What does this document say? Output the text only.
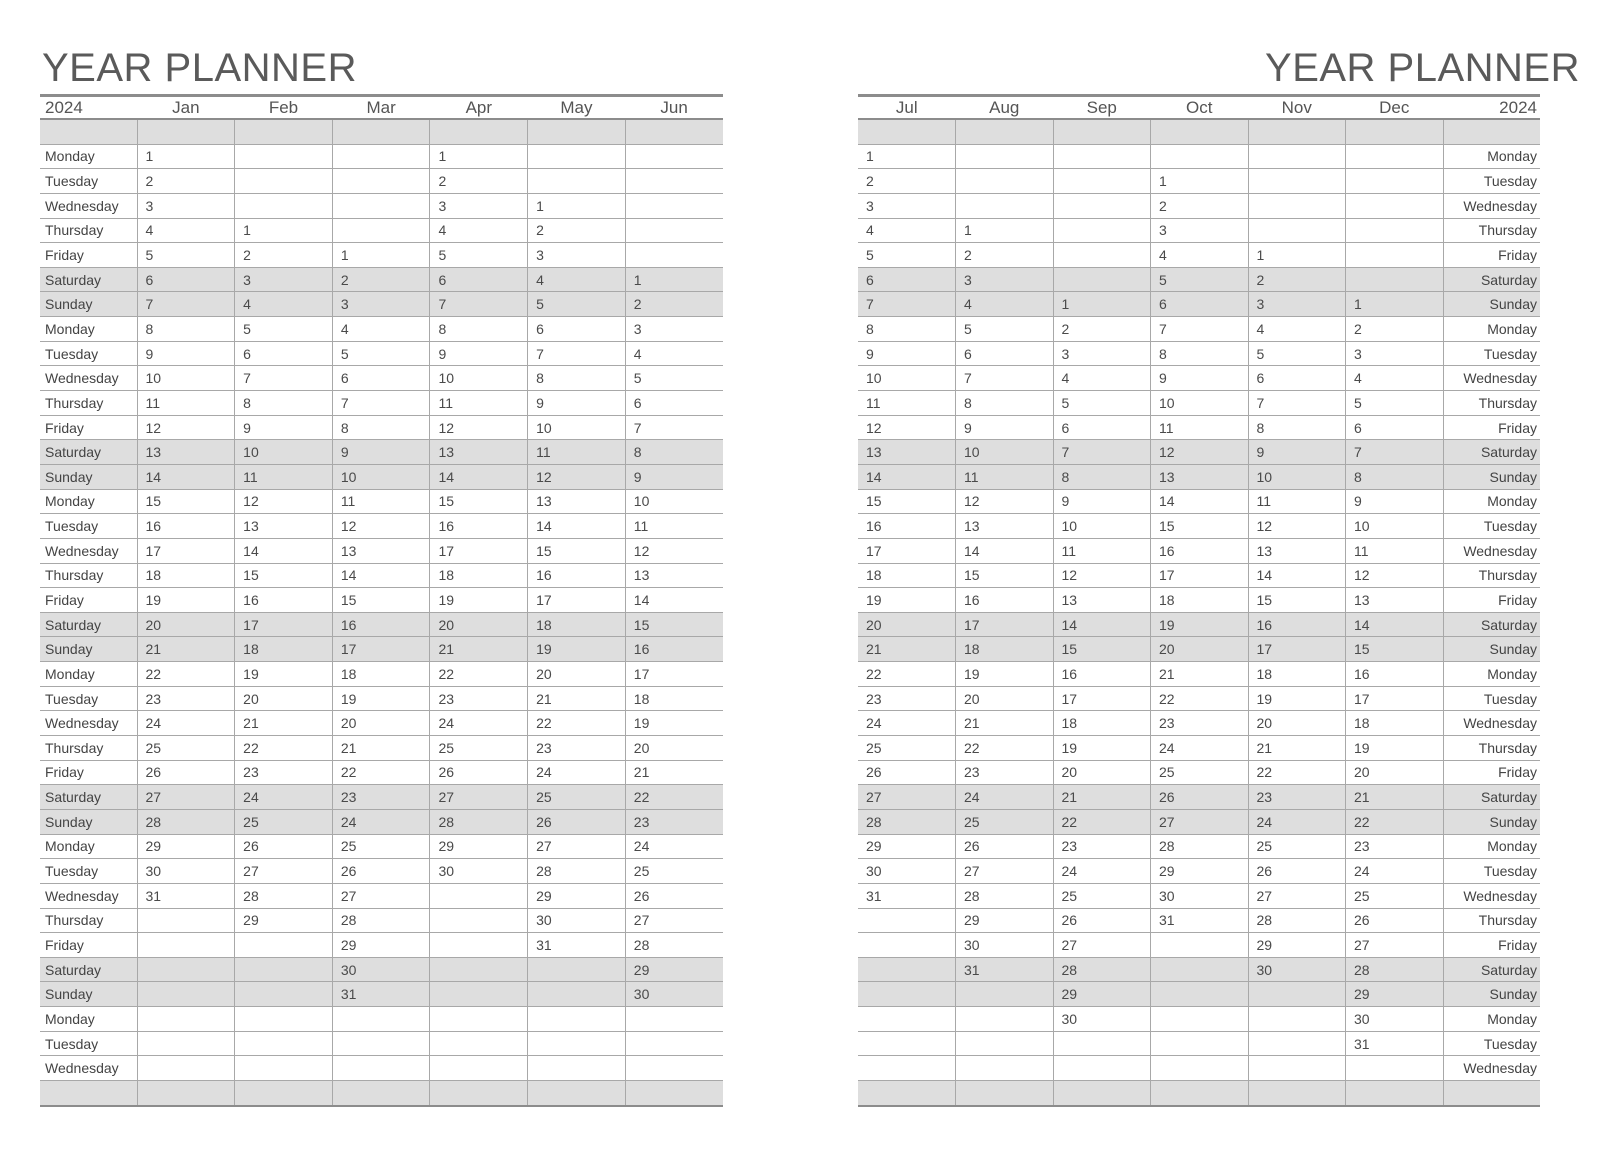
YEAR PLANNER	YEAR PLANNER
2024	Jan	Feb	Mar	Apr	May	Jun

Monday	1			1		
Tuesday	2			2		
Wednesday	3			3	1	
Thursday	4	1		4	2	
Friday	5	2	1	5	3	
Saturday	6	3	2	6	4	1
Sunday	7	4	3	7	5	2
Monday	8	5	4	8	6	3
Tuesday	9	6	5	9	7	4
Wednesday	10	7	6	10	8	5
Thursday	11	8	7	11	9	6
Friday	12	9	8	12	10	7
Saturday	13	10	9	13	11	8
Sunday	14	11	10	14	12	9
Monday	15	12	11	15	13	10
Tuesday	16	13	12	16	14	11
Wednesday	17	14	13	17	15	12
Thursday	18	15	14	18	16	13
Friday	19	16	15	19	17	14
Saturday	20	17	16	20	18	15
Sunday	21	18	17	21	19	16
Monday	22	19	18	22	20	17
Tuesday	23	20	19	23	21	18
Wednesday	24	21	20	24	22	19
Thursday	25	22	21	25	23	20
Friday	26	23	22	26	24	21
Saturday	27	24	23	27	25	22
Sunday	28	25	24	28	26	23
Monday	29	26	25	29	27	24
Tuesday	30	27	26	30	28	25
Wednesday	31	28	27		29	26
Thursday		29	28		30	27
Friday			29		31	28
Saturday			30			29
Sunday			31			30
Monday						
Tuesday						
Wednesday						

Jul	Aug	Sep	Oct	Nov	Dec	2024

1						Monday
2			1			Tuesday
3			2			Wednesday
4	1		3			Thursday
5	2		4	1		Friday
6	3		5	2		Saturday
7	4	1	6	3	1	Sunday
8	5	2	7	4	2	Monday
9	6	3	8	5	3	Tuesday
10	7	4	9	6	4	Wednesday
11	8	5	10	7	5	Thursday
12	9	6	11	8	6	Friday
13	10	7	12	9	7	Saturday
14	11	8	13	10	8	Sunday
15	12	9	14	11	9	Monday
16	13	10	15	12	10	Tuesday
17	14	11	16	13	11	Wednesday
18	15	12	17	14	12	Thursday
19	16	13	18	15	13	Friday
20	17	14	19	16	14	Saturday
21	18	15	20	17	15	Sunday
22	19	16	21	18	16	Monday
23	20	17	22	19	17	Tuesday
24	21	18	23	20	18	Wednesday
25	22	19	24	21	19	Thursday
26	23	20	25	22	20	Friday
27	24	21	26	23	21	Saturday
28	25	22	27	24	22	Sunday
29	26	23	28	25	23	Monday
30	27	24	29	26	24	Tuesday
31	28	25	30	27	25	Wednesday
	29	26	31	28	26	Thursday
	30	27		29	27	Friday
	31	28		30	28	Saturday
		29			29	Sunday
		30			30	Monday
					31	Tuesday
						Wednesday
